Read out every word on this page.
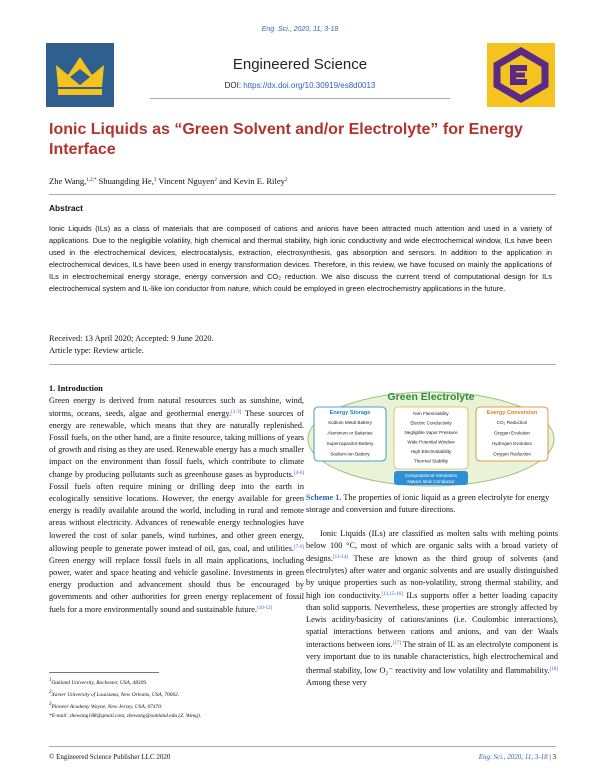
Eng. Sci., 2020, 11, 3-18
Engineered Science
DOI: https://dx.doi.org/10.30919/es8d0013
Ionic Liquids as “Green Solvent and/or Electrolyte” for Energy Interface
Zhe Wang,$^{1,2,*}$ Shuangding He,$^3$ Vincent Nguyen$^2$ and Kevin E. Riley$^2$
Abstract
Ionic Liquids (ILs) as a class of materials that are composed of cations and anions have been attracted much attention and used in a variety of applications. Due to the negligible volatility, high chemical and thermal stability, high ionic conductivity and wide electrochemical window, ILs have been used in the electrochemical devices, electrocatalysis, extraction, electrosynthesis, gas absorption and sensors. In addition to the application in electrochemical devices, ILs have been used in energy transformation devices. Therefore, in this review, we have focused on mainly the applications of ILs in electrochemical energy storage, energy conversion and CO₂ reduction. We also discuss the current trend of computational design for ILs electrochemical system and IL-like ion conductor from nature, which could be employed in green electrochemistry applications in the future.
Received: 13 April 2020; Accepted: 9 June 2020.
Article type: Review article.
1. Introduction
Green energy is derived from natural resources such as sunshine, wind, storms, oceans, seeds, algae and geothermal energy.[1-3] These sources of energy are renewable, which means that they are naturally replenished. Fossil fuels, on the other hand, are a finite resource, taking millions of years of growth and rising as they are used. Renewable energy has a much smaller impact on the environment than fossil fuels, which contribute to climate change by producing pollutants such as greenhouse gases as byproducts.[4-6] Fossil fuels often require mining or drilling deep into the earth in ecologically sensitive locations. However, the energy available for green energy is readily available around the world, including in rural and remote areas without electricity. Advances of renewable energy technologies have lowered the cost of solar panels, wind turbines, and other green energy, allowing people to generate power instead of oil, gas, coal, and utilities.[7-9] Green energy will replace fossil fuels in all main applications, including power, water and space heating and vehicle gasoline. Investments in green energy production and advancement should thus be encouraged by governments and other authorities for green energy replacement of fossil fuels for a more environmentally sound and sustainable future.[10-12]
$^1$Oakland University, Rochester, USA, 48309.
$^2$Xavier University of Louisiana, New Orleans, USA, 70002.
$^3$Pioneer Academy Wayne, New Jersey, USA, 07470.
*E-mail: zhewang188@gmail.com, zhewang@oakland.edu (Z. Wang).
Green Electrolyte
Energy Storage
Sodium Metal Battery
Aluminum or Batteries
Supercapacitor-Battery
Sodium-Ion Battery
Non Flammability
Electric Conductivity
Negligible Vapor Pressure
Wide Potential Window
High Electrostability
Thermal Stability
Energy Conversion
CO₂ Reduction
Oxygen Evolution
Hydrogen Evolution
Oxygen Reduction
Computational Simulation
Nature Ionic Conductor
Scheme 1. The properties of ionic liquid as a green electrolyte for energy storage and conversion and future directions.
Ionic Liquids (ILs) are classified as molten salts with melting points below 100 °C, most of which are organic salts with a broad variety of designs.[13-14] These are known as the third group of solvents (and electrolytes) after water and organic solvents and are usually distinguished by unique properties such as non-volatility, strong thermal stability, and high ion conductivity.[13,15-16] ILs supports offer a better loading capacity than solid supports. Nevertheless, these properties are strongly affected by Lewis acidity/basicity of cations/anions (i.e. Coulombic interactions), spatial interactions between cations and anions, and van der Waals interactions between ions.[17] The strain of IL as an electrolyte component is very important due to its tunable characteristics, high electrochemical and thermal stability, low O₂⁻ reactivity and low volatility and flammability.[18] Among these very
© Engineered Science Publisher LLC 2020	Eng. Sci., 2020, 11, 3-18 | 3
